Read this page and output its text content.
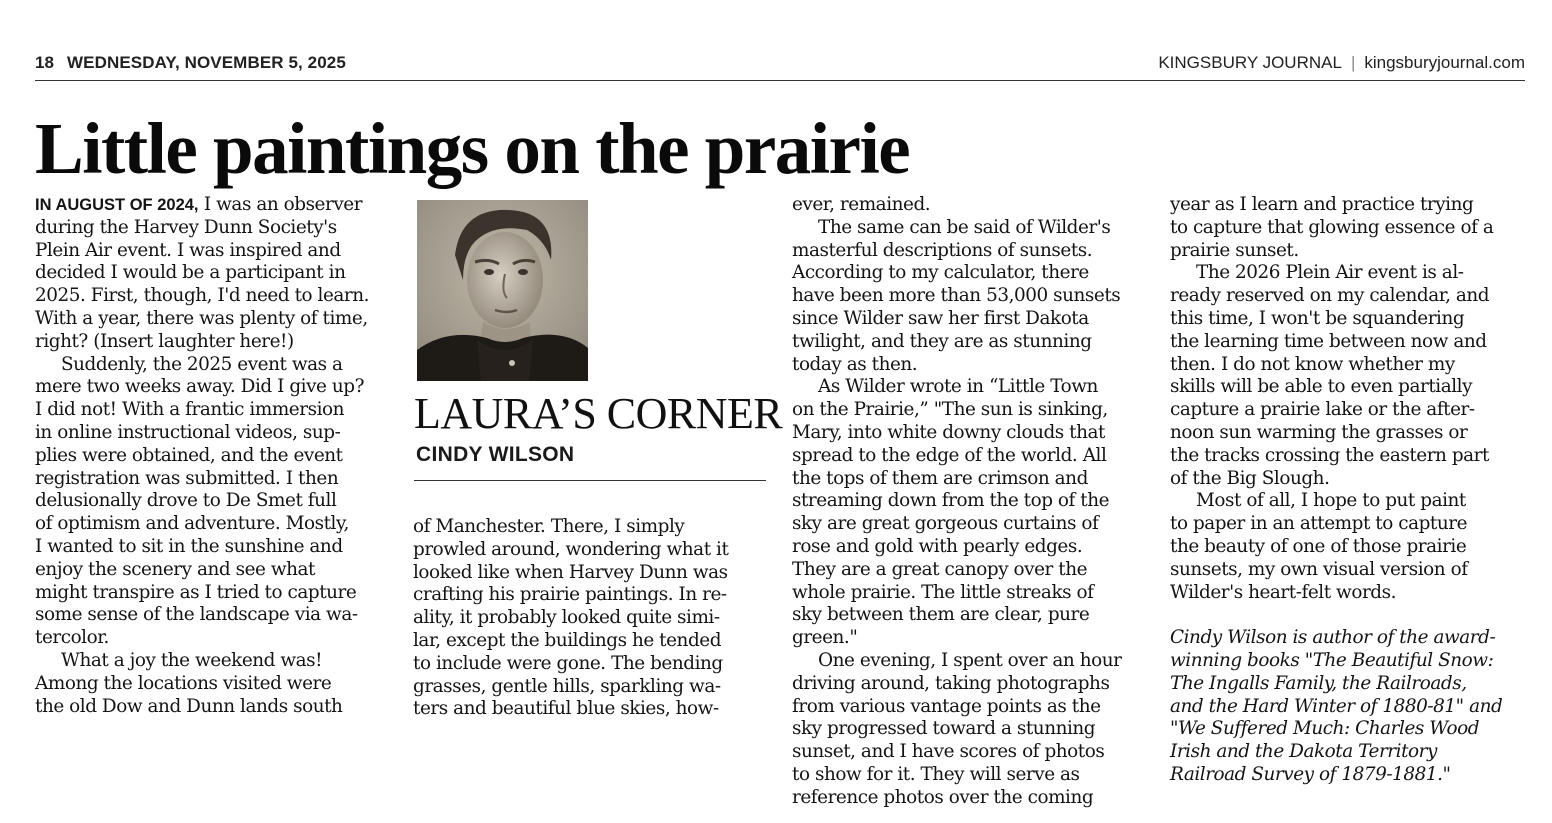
18 WEDNESDAY, NOVEMBER 5, 2025	KINGSBURY JOURNAL | kingsburyjournal.com
Little paintings on the prairie

IN AUGUST OF 2024, I was an observer
during the Harvey Dunn Society's
Plein Air event. I was inspired and
decided I would be a participant in
2025. First, though, I'd need to learn.
With a year, there was plenty of time,
right? (Insert laughter here!)

Suddenly, the 2025 event was a
mere two weeks away. Did I give up?
I did not! With a frantic immersion
in online instructional videos, sup-
plies were obtained, and the event
registration was submitted. I then
delusionally drove to De Smet full
of optimism and adventure. Mostly,
I wanted to sit in the sunshine and
enjoy the scenery and see what
might transpire as I tried to capture
some sense of the landscape via wa-
tercolor.

What a joy the weekend was!
Among the locations visited were
the old Dow and Dunn lands south

LAURA’S CORNER
CINDY WILSON

of Manchester. There, I simply
prowled around, wondering what it
looked like when Harvey Dunn was
crafting his prairie paintings. In re-
ality, it probably looked quite simi-
lar, except the buildings he tended
to include were gone. The bending
grasses, gentle hills, sparkling wa-
ters and beautiful blue skies, how-

ever, remained.

The same can be said of Wilder's
masterful descriptions of sunsets.
According to my calculator, there
have been more than 53,000 sunsets
since Wilder saw her first Dakota
twilight, and they are as stunning
today as then.

As Wilder wrote in “Little Town
on the Prairie,” "The sun is sinking,
Mary, into white downy clouds that
spread to the edge of the world. All
the tops of them are crimson and
streaming down from the top of the
sky are great gorgeous curtains of
rose and gold with pearly edges.
They are a great canopy over the
whole prairie. The little streaks of
sky between them are clear, pure
green."

One evening, I spent over an hour
driving around, taking photographs
from various vantage points as the
sky progressed toward a stunning
sunset, and I have scores of photos
to show for it. They will serve as
reference photos over the coming

year as I learn and practice trying
to capture that glowing essence of a
prairie sunset.

The 2026 Plein Air event is al-
ready reserved on my calendar, and
this time, I won't be squandering
the learning time between now and
then. I do not know whether my
skills will be able to even partially
capture a prairie lake or the after-
noon sun warming the grasses or
the tracks crossing the eastern part
of the Big Slough.

Most of all, I hope to put paint
to paper in an attempt to capture
the beauty of one of those prairie
sunsets, my own visual version of
Wilder's heart-felt words.

Cindy Wilson is author of the award-
winning books "The Beautiful Snow:
The Ingalls Family, the Railroads,
and the Hard Winter of 1880-81" and
"We Suffered Much: Charles Wood
Irish and the Dakota Territory
Railroad Survey of 1879-1881."
